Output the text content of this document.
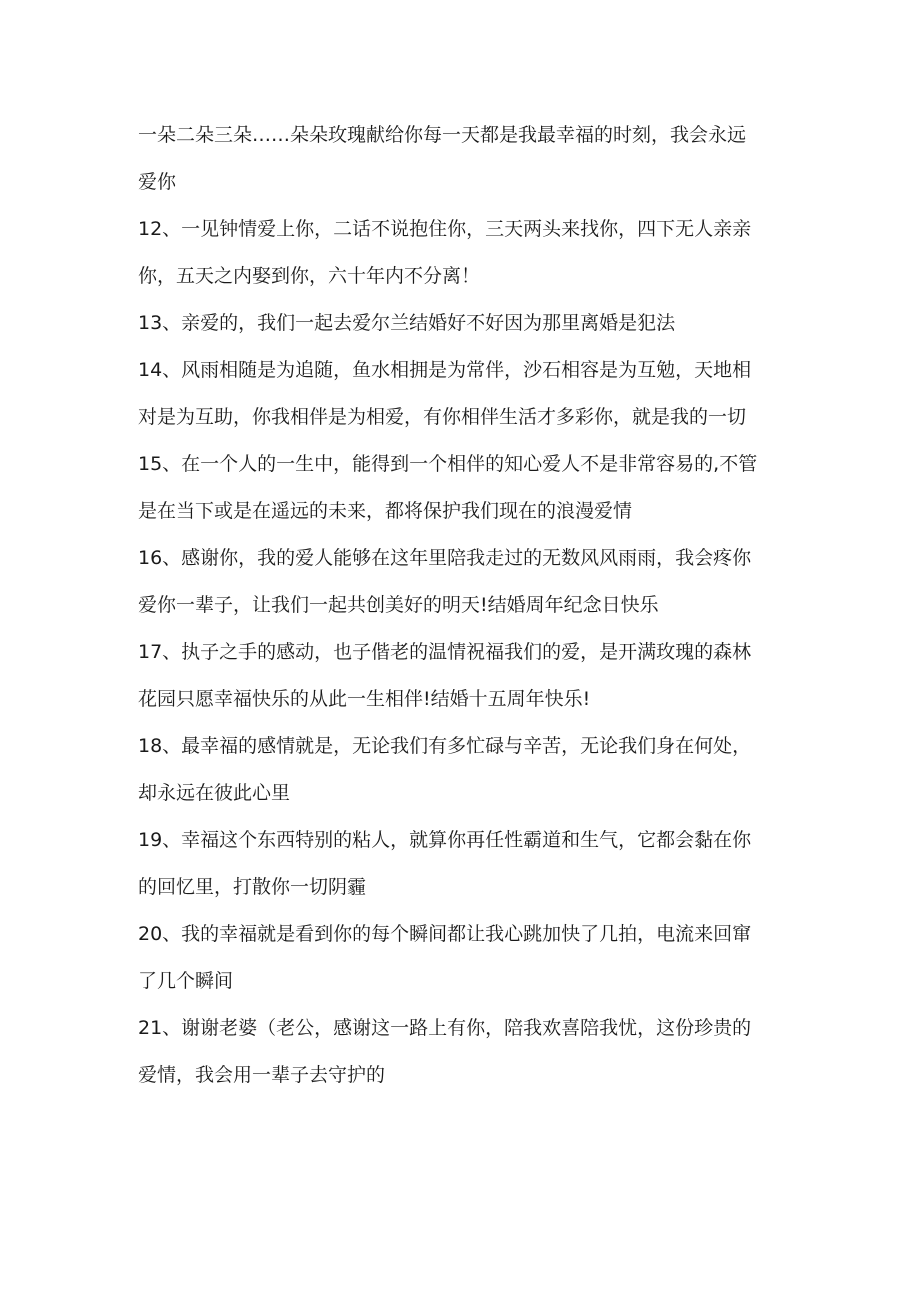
一朵二朵三朵……朵朵玫瑰献给你每一天都是我最幸福的时刻，我会永远
爱你
12、一见钟情爱上你，二话不说抱住你，三天两头来找你，四下无人亲亲
你，五天之内娶到你，六十年内不分离！
13、亲爱的，我们一起去爱尔兰结婚好不好因为那里离婚是犯法
14、风雨相随是为追随，鱼水相拥是为常伴，沙石相容是为互勉，天地相
对是为互助，你我相伴是为相爱，有你相伴生活才多彩你，就是我的一切
15、在一个人的一生中，能得到一个相伴的知心爱人不是非常容易的,不管
是在当下或是在遥远的未来，都将保护我们现在的浪漫爱情
16、感谢你，我的爱人能够在这年里陪我走过的无数风风雨雨，我会疼你
爱你一辈子，让我们一起共创美好的明天!结婚周年纪念日快乐
17、执子之手的感动，也子偕老的温情祝福我们的爱，是开满玫瑰的森林
花园只愿幸福快乐的从此一生相伴!结婚十五周年快乐!
18、最幸福的感情就是，无论我们有多忙碌与辛苦，无论我们身在何处，
却永远在彼此心里
19、幸福这个东西特别的粘人，就算你再任性霸道和生气，它都会黏在你
的回忆里，打散你一切阴霾
20、我的幸福就是看到你的每个瞬间都让我心跳加快了几拍，电流来回窜
了几个瞬间
21、谢谢老婆（老公，感谢这一路上有你，陪我欢喜陪我忧，这份珍贵的
爱情，我会用一辈子去守护的
